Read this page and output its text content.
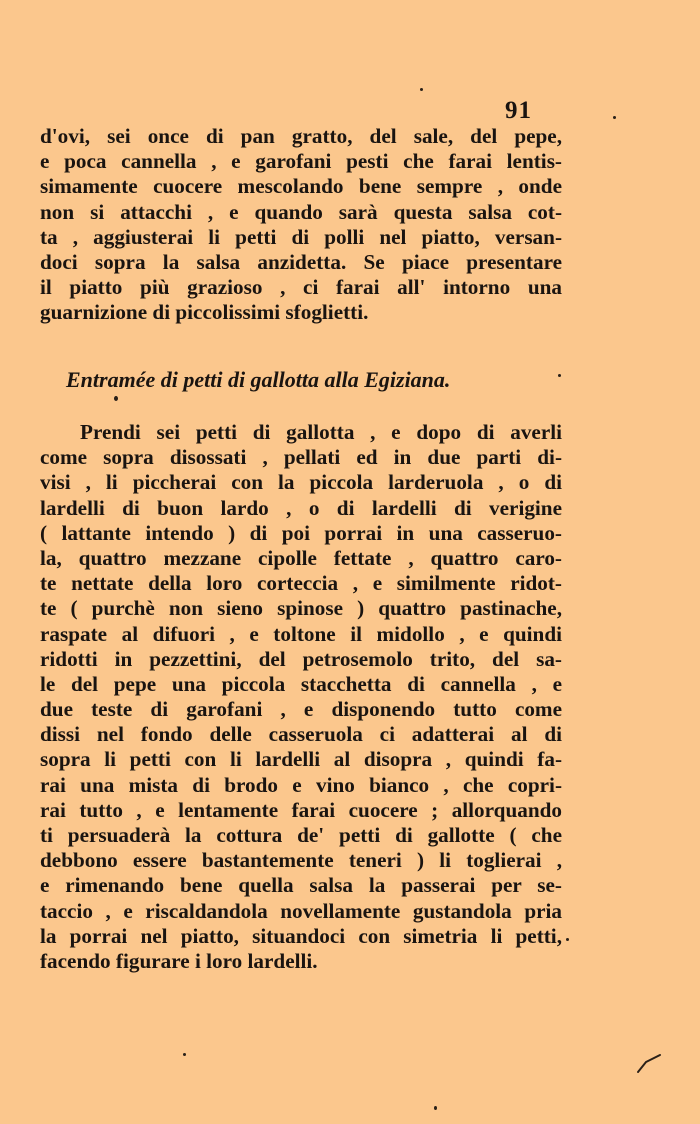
91
d'ovi, sei once di pan gratto, del sale, del pepe,
e poca cannella , e garofani pesti che farai lentis-
simamente cuocere mescolando bene sempre , onde
non si attacchi , e quando sarà questa salsa cot-
ta , aggiusterai li petti di polli nel piatto, versan-
doci sopra la salsa anzidetta. Se piace presentare
il piatto più grazioso , ci farai all' intorno una
guarnizione di piccolissimi sfoglietti.
Entramée di petti di gallotta alla Egiziana.
Prendi sei petti di gallotta , e dopo di averli
come sopra disossati , pellati ed in due parti di-
visi , li piccherai con la piccola larderuola , o di
lardelli di buon lardo , o di lardelli di verigine
( lattante intendo ) di poi porrai in una casseruo-
la, quattro mezzane cipolle fettate , quattro caro-
te nettate della loro corteccia , e similmente ridot-
te ( purchè non sieno spinose ) quattro pastinache,
raspate al difuori , e toltone il midollo , e quindi
ridotti in pezzettini, del petrosemolo trito, del sa-
le del pepe una piccola stacchetta di cannella , e
due teste di garofani , e disponendo tutto come
dissi nel fondo delle casseruola ci adatterai al di
sopra li petti con li lardelli al disopra , quindi fa-
rai una mista di brodo e vino bianco , che copri-
rai tutto , e lentamente farai cuocere ; allorquando
ti persuaderà la cottura de' petti di gallotte ( che
debbono essere bastantemente teneri ) li toglierai ,
e rimenando bene quella salsa la passerai per se-
taccio , e riscaldandola novellamente gustandola pria
la porrai nel piatto, situandoci con simetria li petti,
facendo figurare i loro lardelli.
